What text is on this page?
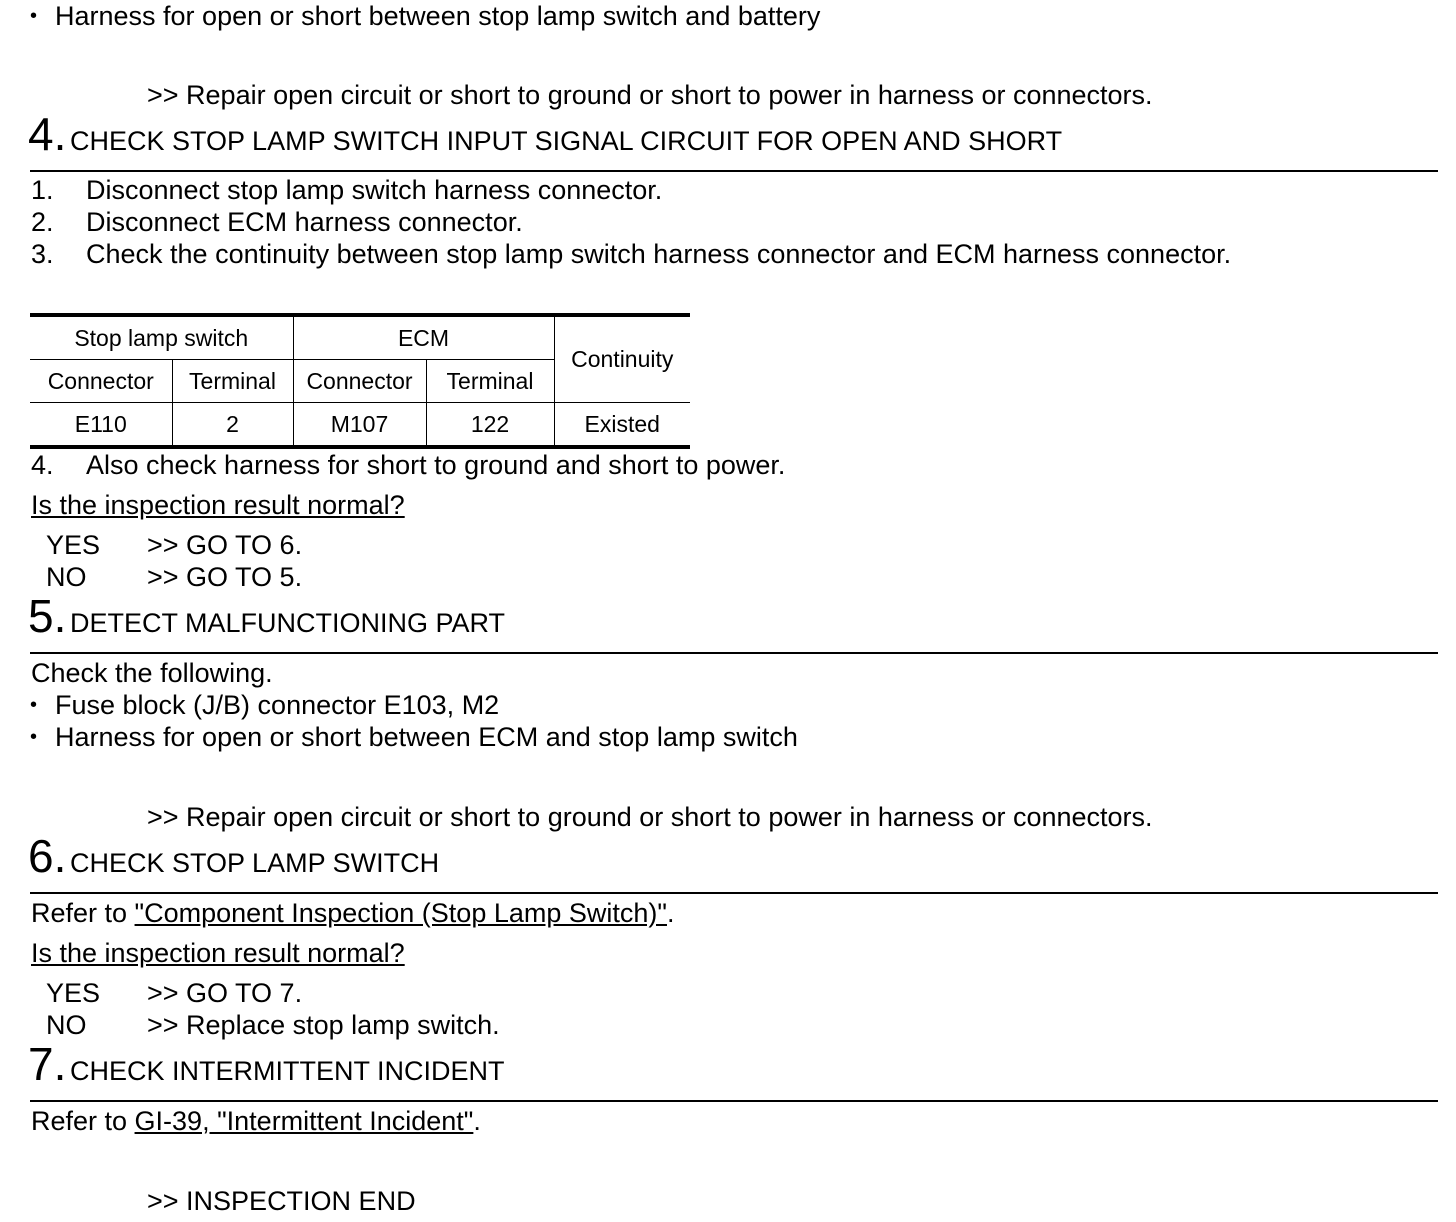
• Harness for open or short between stop lamp switch and battery
>> Repair open circuit or short to ground or short to power in harness or connectors.
4. CHECK STOP LAMP SWITCH INPUT SIGNAL CIRCUIT FOR OPEN AND SHORT
1. Disconnect stop lamp switch harness connector.
2. Disconnect ECM harness connector.
3. Check the continuity between stop lamp switch harness connector and ECM harness connector.
Stop lamp switch		ECM		Continuity
Connector	Terminal	Connector	Terminal	
E110	2	M107	122	Existed
4. Also check harness for short to ground and short to power.
Is the inspection result normal?
YES >> GO TO 6.
NO >> GO TO 5.
5. DETECT MALFUNCTIONING PART
Check the following.
• Fuse block (J/B) connector E103, M2
• Harness for open or short between ECM and stop lamp switch
>> Repair open circuit or short to ground or short to power in harness or connectors.
6. CHECK STOP LAMP SWITCH
Refer to "Component Inspection (Stop Lamp Switch)".
Is the inspection result normal?
YES >> GO TO 7.
NO >> Replace stop lamp switch.
7. CHECK INTERMITTENT INCIDENT
Refer to GI-39, "Intermittent Incident".
>> INSPECTION END
